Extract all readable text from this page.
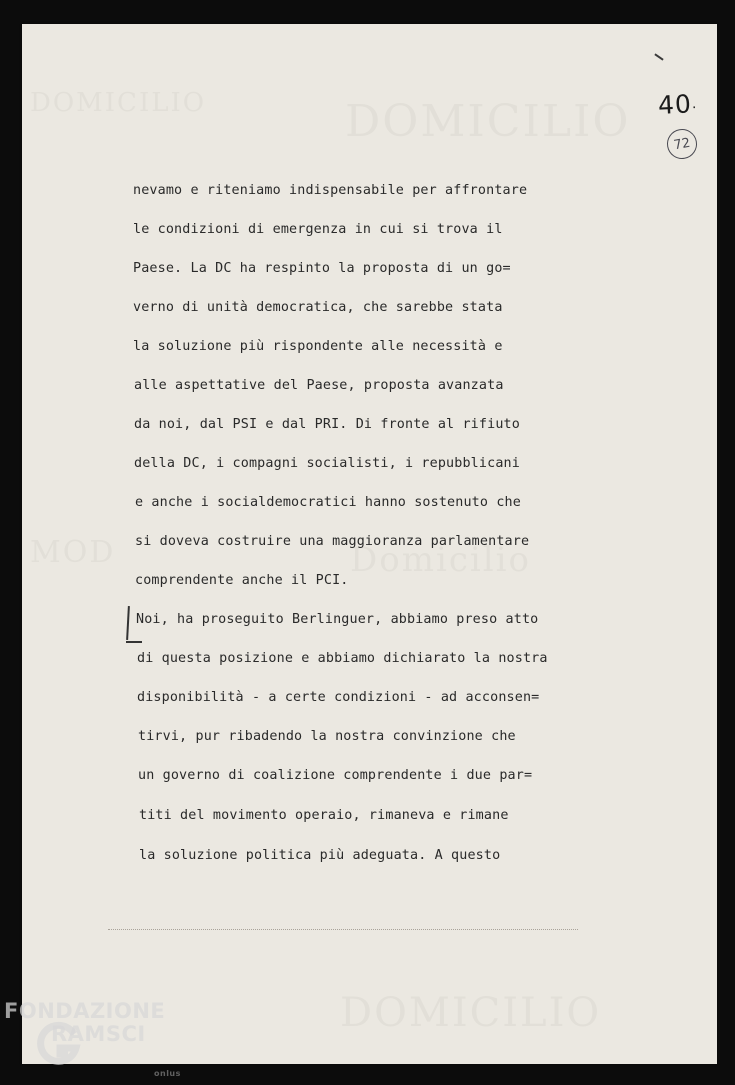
40·
72

nevamo e riteniamo indispensabile per affrontare

le condizioni di emergenza in cui si trova il

Paese. La DC ha respinto la proposta di un go=

verno di unità democratica, che sarebbe stata

la soluzione più rispondente alle necessità e

alle aspettative del Paese, proposta avanzata

da noi, dal PSI e dal PRI. Di fronte al rifiuto

della DC, i compagni socialisti, i repubblicani

e anche i socialdemocratici hanno sostenuto che

si doveva costruire una maggioranza parlamentare

comprendente anche il PCI.

Noi, ha proseguito Berlinguer, abbiamo preso atto

di questa posizione e abbiamo dichiarato la nostra

disponibilità - a certe condizioni - ad acconsen=

tirvi, pur ribadendo la nostra convinzione che

un governo di coalizione comprendente i due par=

titi del movimento operaio, rimaneva e rimane

la soluzione politica più adeguata. A questo

FONDAZIONE
RAMSCI
onlus
